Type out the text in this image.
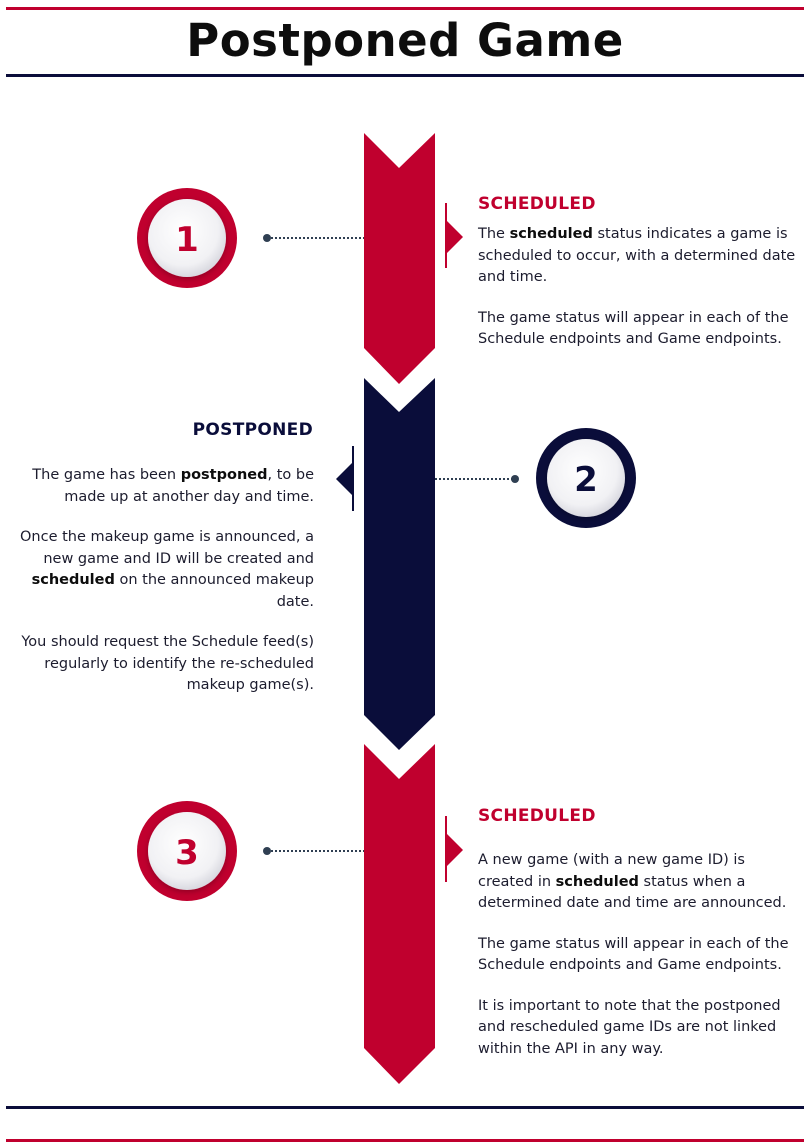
Postponed Game
1
2
3
SCHEDULED

The scheduled status indicates a game is scheduled to occur, with a determined date and time.

The game status will appear in each of the Schedule endpoints and Game endpoints.

POSTPONED

The game has been postponed, to be made up at another day and time.

Once the makeup game is announced, a new game and ID will be created and scheduled on the announced makeup date.

You should request the Schedule feed(s) regularly to identify the re-scheduled makeup game(s).

SCHEDULED

A new game (with a new game ID) is created in scheduled status when a determined date and time are announced.

The game status will appear in each of the Schedule endpoints and Game endpoints.

It is important to note that the postponed and rescheduled game IDs are not linked within the API in any way.
